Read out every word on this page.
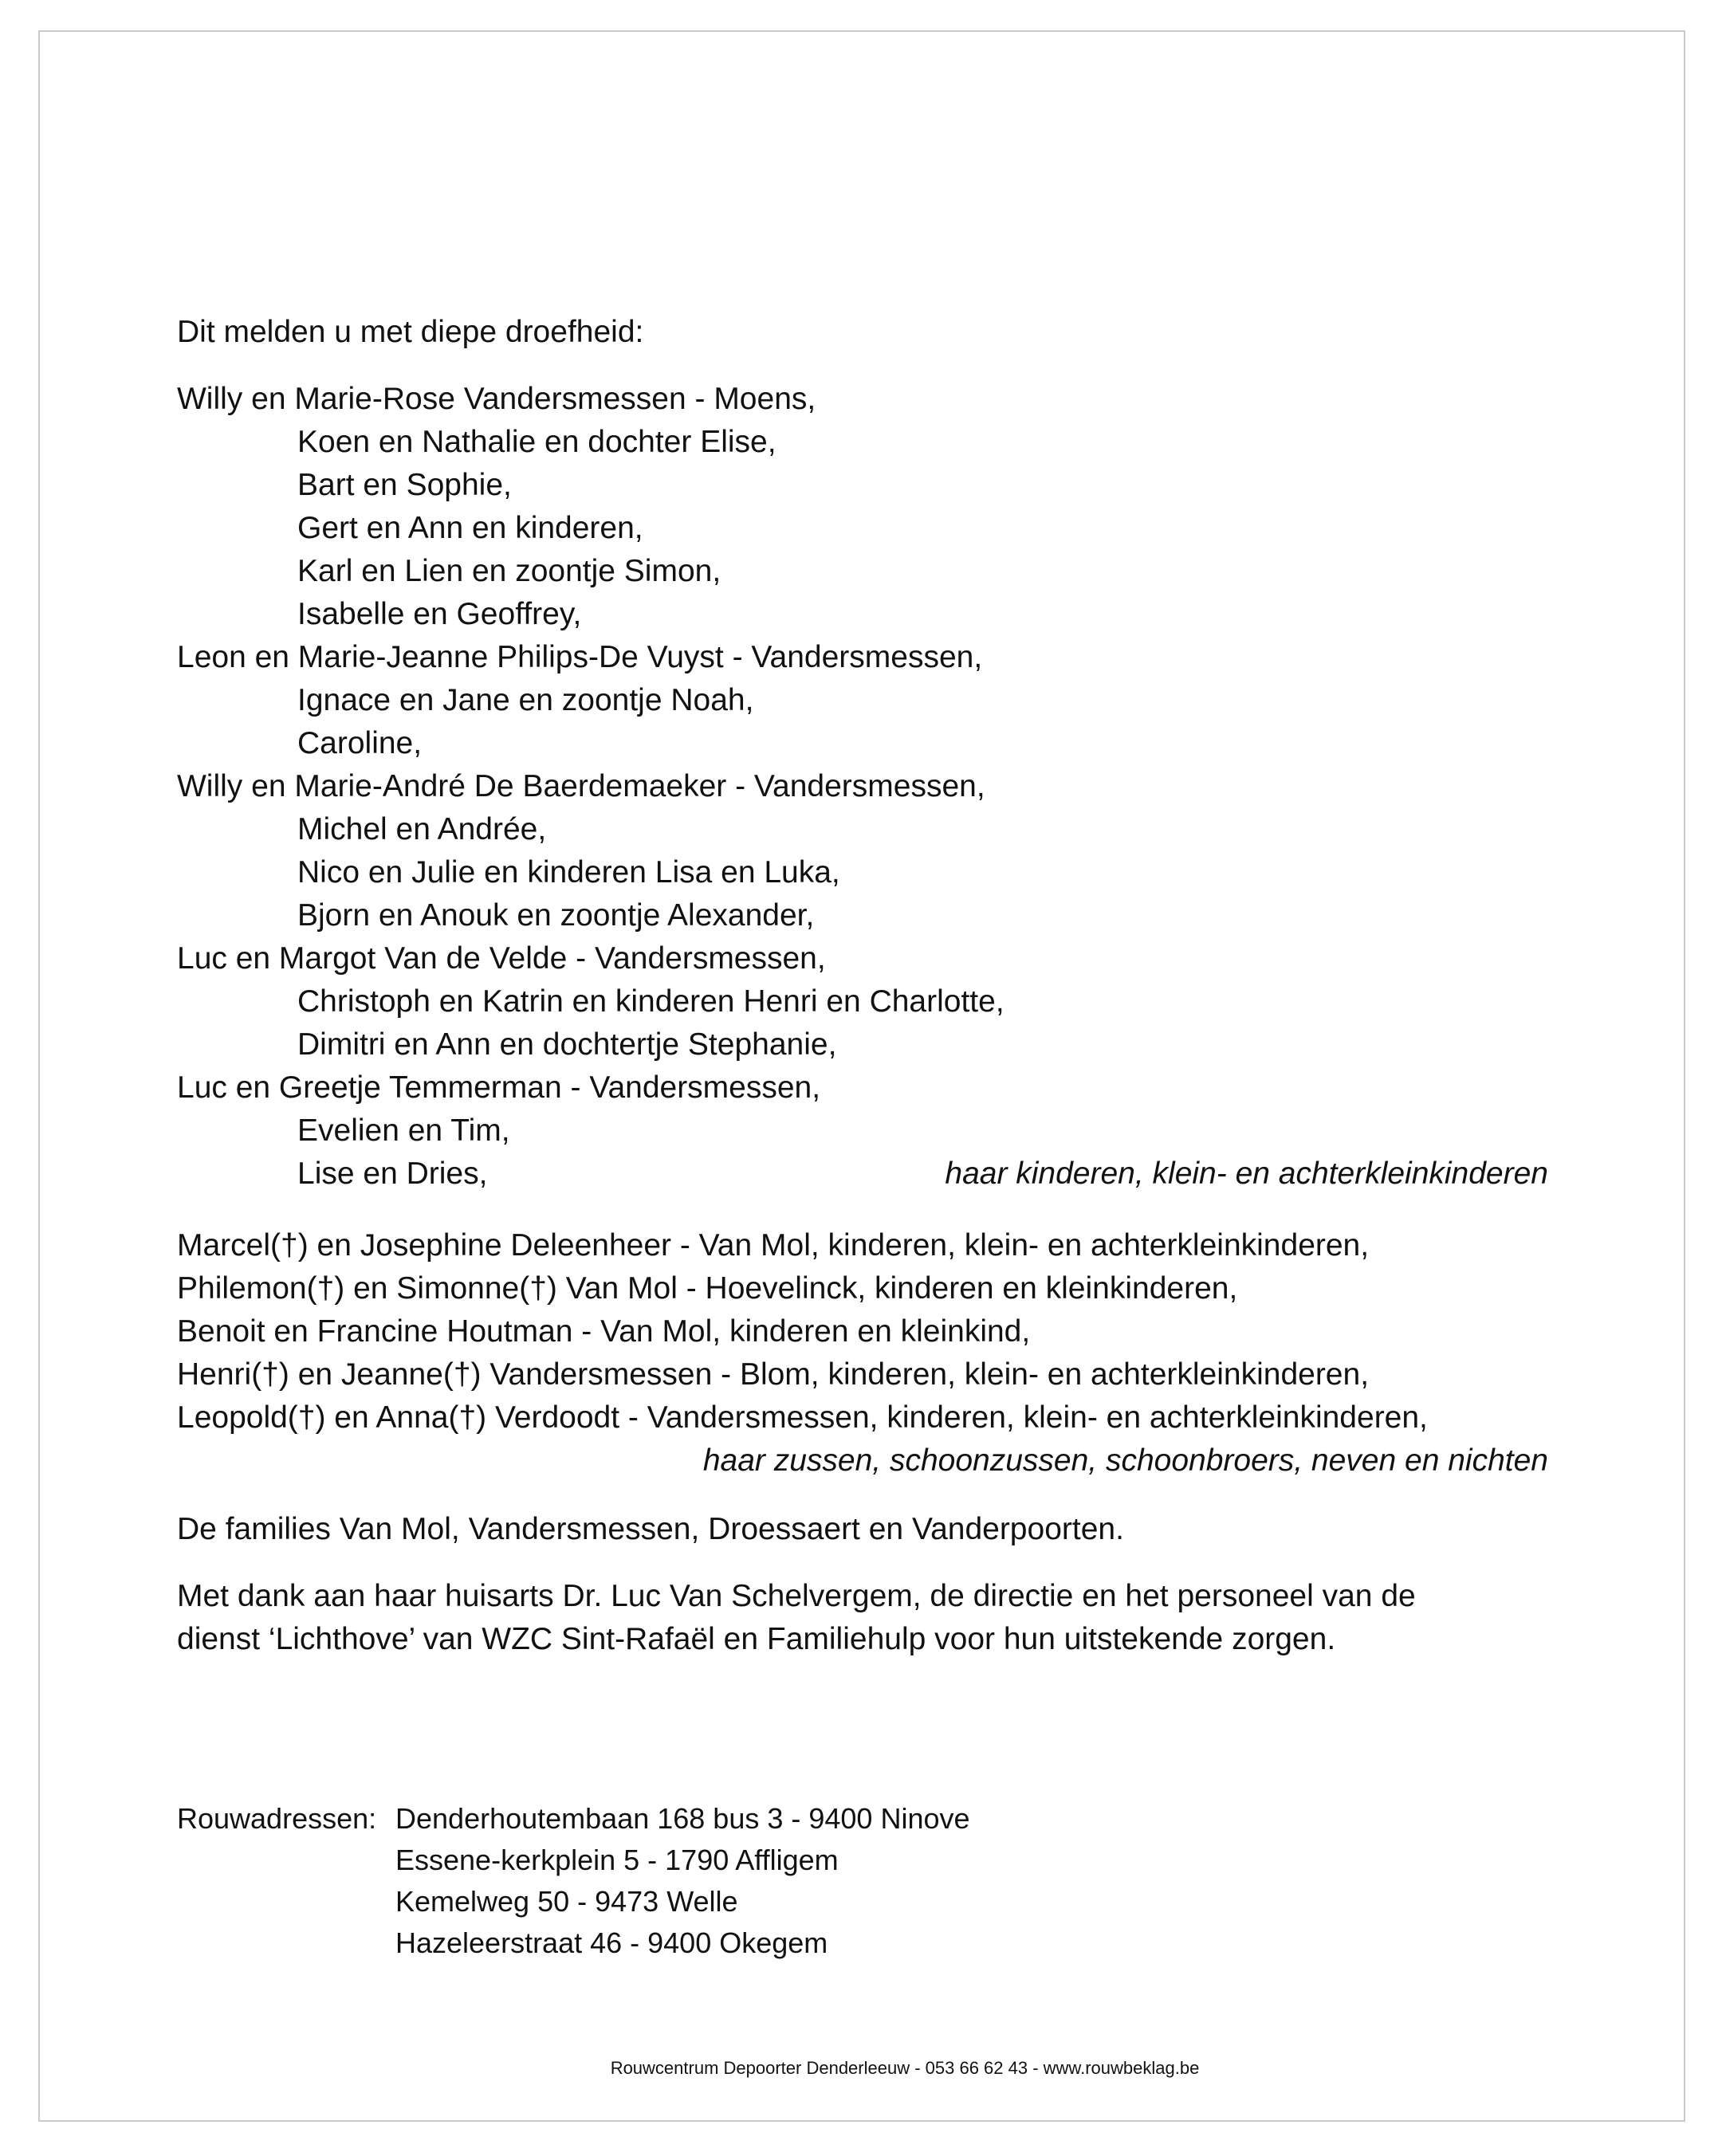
Dit melden u met diepe droefheid:
Willy en Marie-Rose Vandersmessen - Moens,
Koen en Nathalie en dochter Elise,
Bart en Sophie,
Gert en Ann en kinderen,
Karl en Lien en zoontje Simon,
Isabelle en Geoffrey,
Leon en Marie-Jeanne Philips-De Vuyst - Vandersmessen,
Ignace en Jane en zoontje Noah,
Caroline,
Willy en Marie-André De Baerdemaeker - Vandersmessen,
Michel en Andrée,
Nico en Julie en kinderen Lisa en Luka,
Bjorn en Anouk en zoontje Alexander,
Luc en Margot Van de Velde - Vandersmessen,
Christoph en Katrin en kinderen Henri en Charlotte,
Dimitri en Ann en dochtertje Stephanie,
Luc en Greetje Temmerman - Vandersmessen,
Evelien en Tim,
Lise en Dries,	haar kinderen, klein- en achterkleinkinderen
Marcel(†) en Josephine Deleenheer - Van Mol, kinderen, klein- en achterkleinkinderen,
Philemon(†) en Simonne(†) Van Mol - Hoevelinck, kinderen en kleinkinderen,
Benoit en Francine Houtman - Van Mol, kinderen en kleinkind,
Henri(†) en Jeanne(†) Vandersmessen - Blom, kinderen, klein- en achterkleinkinderen,
Leopold(†) en Anna(†) Verdoodt - Vandersmessen, kinderen, klein- en achterkleinkinderen,
haar zussen, schoonzussen, schoonbroers, neven en nichten
De families Van Mol, Vandersmessen, Droessaert en Vanderpoorten.
Met dank aan haar huisarts Dr. Luc Van Schelvergem, de directie en het personeel van de
dienst ‘Lichthove’ van WZC Sint-Rafaël en Familiehulp voor hun uitstekende zorgen.
Rouwadressen: Denderhoutembaan 168 bus 3 - 9400 Ninove
Essene-kerkplein 5 - 1790 Affligem
Kemelweg 50 - 9473 Welle
Hazeleerstraat 46 - 9400 Okegem
Rouwcentrum Depoorter Denderleeuw - 053 66 62 43 - www.rouwbeklag.be
